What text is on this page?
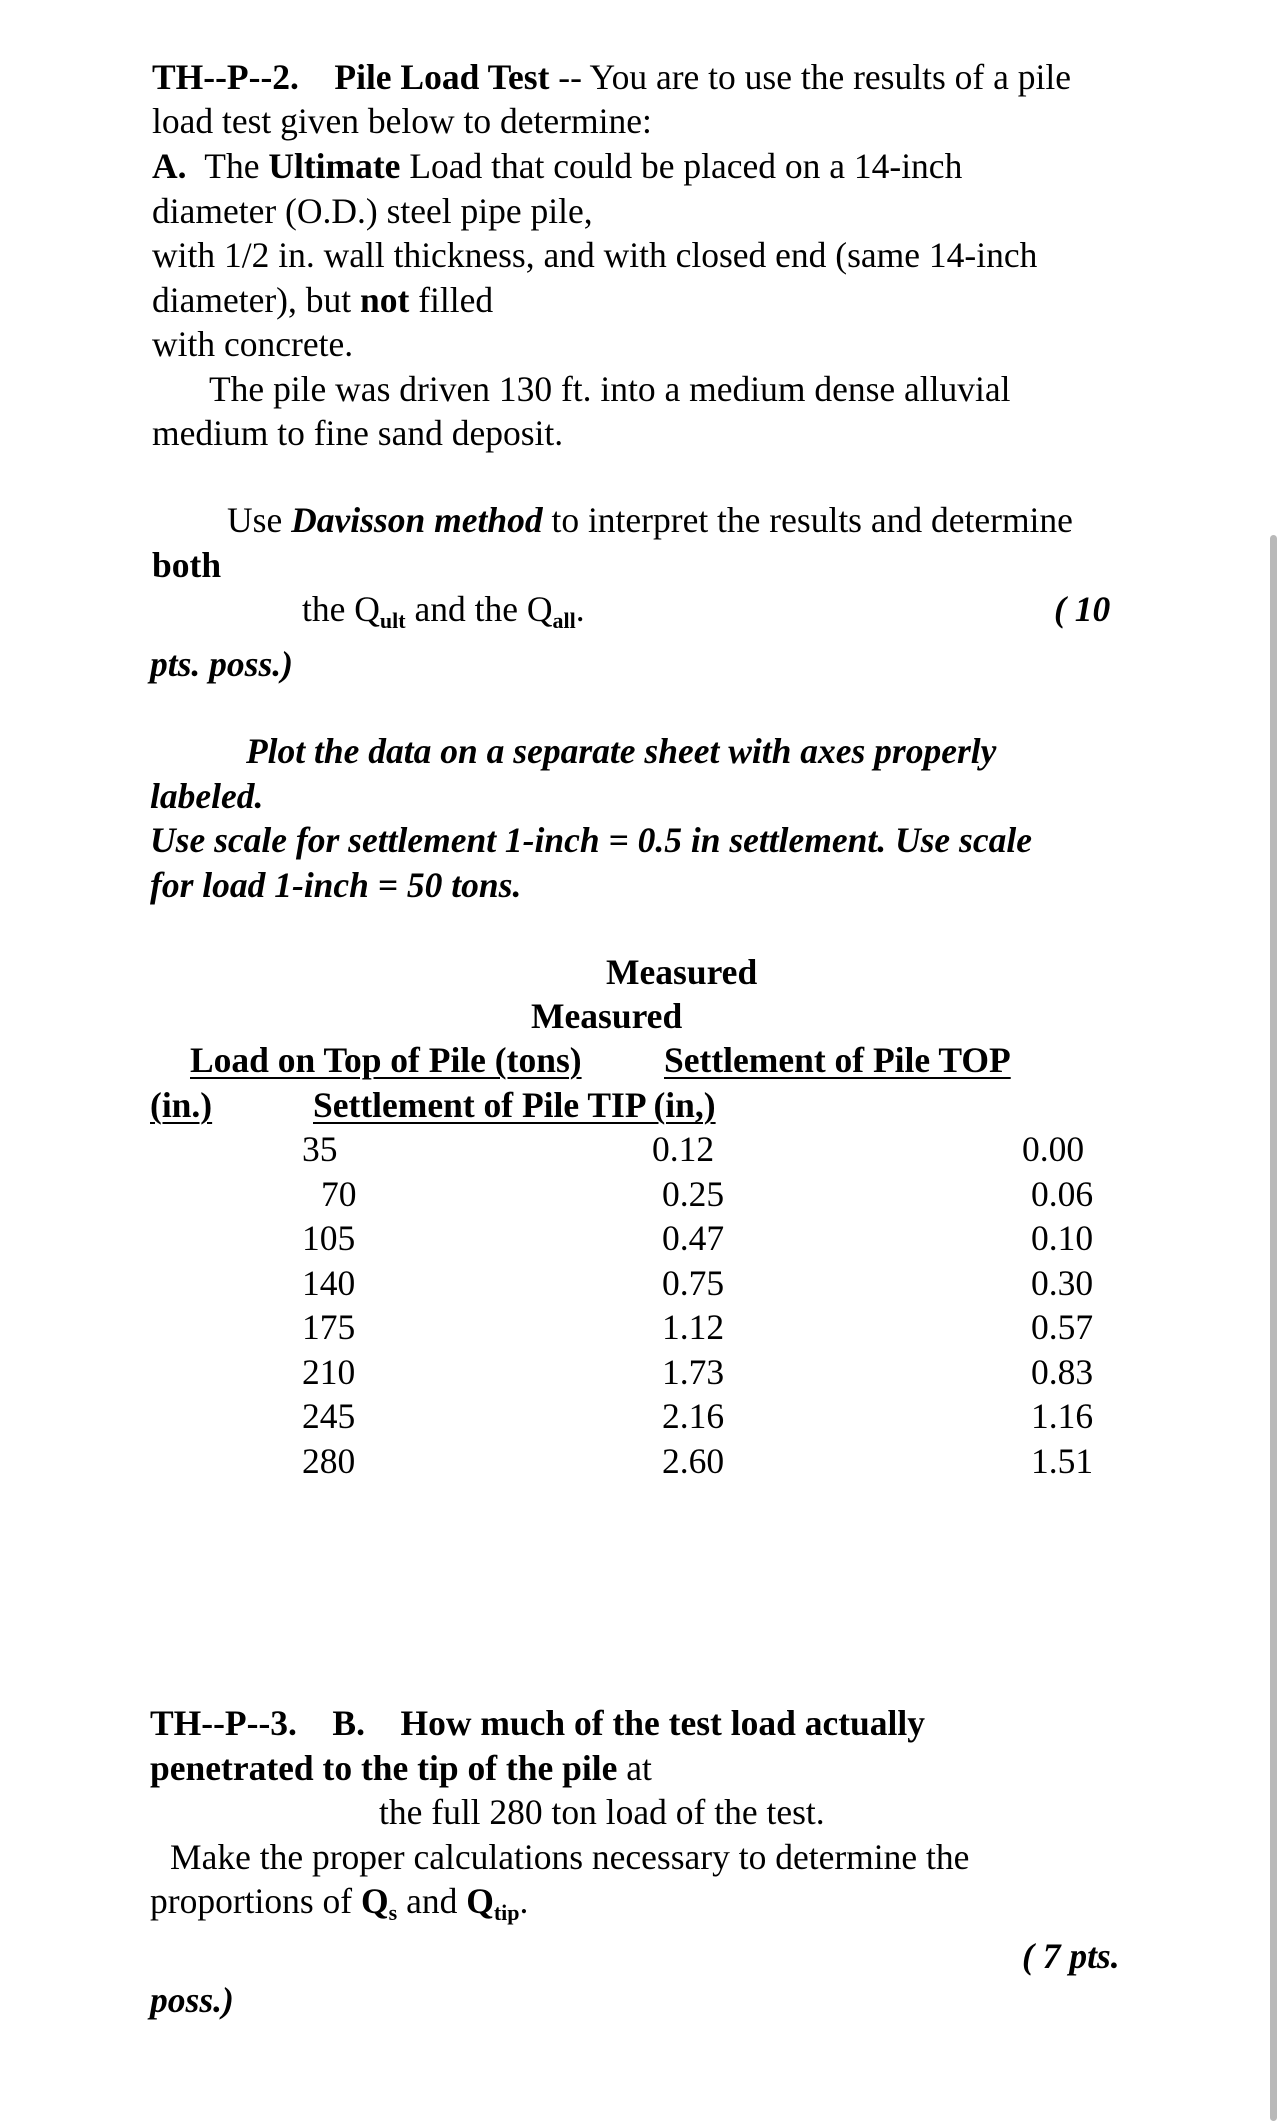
TH--P--2. Pile Load Test -- You are to use the results of a pile
load test given below to determine:
A. The Ultimate Load that could be placed on a 14-inch
diameter (O.D.) steel pipe pile,
with 1/2 in. wall thickness, and with closed end (same 14-inch
diameter), but not filled
with concrete.
The pile was driven 130 ft. into a medium dense alluvial
medium to fine sand deposit.
Use Davisson method to interpret the results and determine
both
the $Q_{ult}$ and the $Q_{all}$.	( 10
pts. poss.)
Plot the data on a separate sheet with axes properly
labeled.
Use scale for settlement 1-inch = 0.5 in settlement. Use scale
for load 1-inch = 50 tons.
Measured
Measured
Load on Top of Pile (tons) Settlement of Pile TOP
(in.)	Settlement of Pile TIP (in,)
35	0.12	0.00
70	0.25	0.06
105	0.47	0.10
140	0.75	0.30
175	1.12	0.57
210	1.73	0.83
245	2.16	1.16
280	2.60	1.51
TH--P--3. B. How much of the test load actually
penetrated to the tip of the pile at
the full 280 ton load of the test.
Make the proper calculations necessary to determine the
proportions of $Q_s$ and $Q_{tip}$.
( 7 pts.
poss.)
